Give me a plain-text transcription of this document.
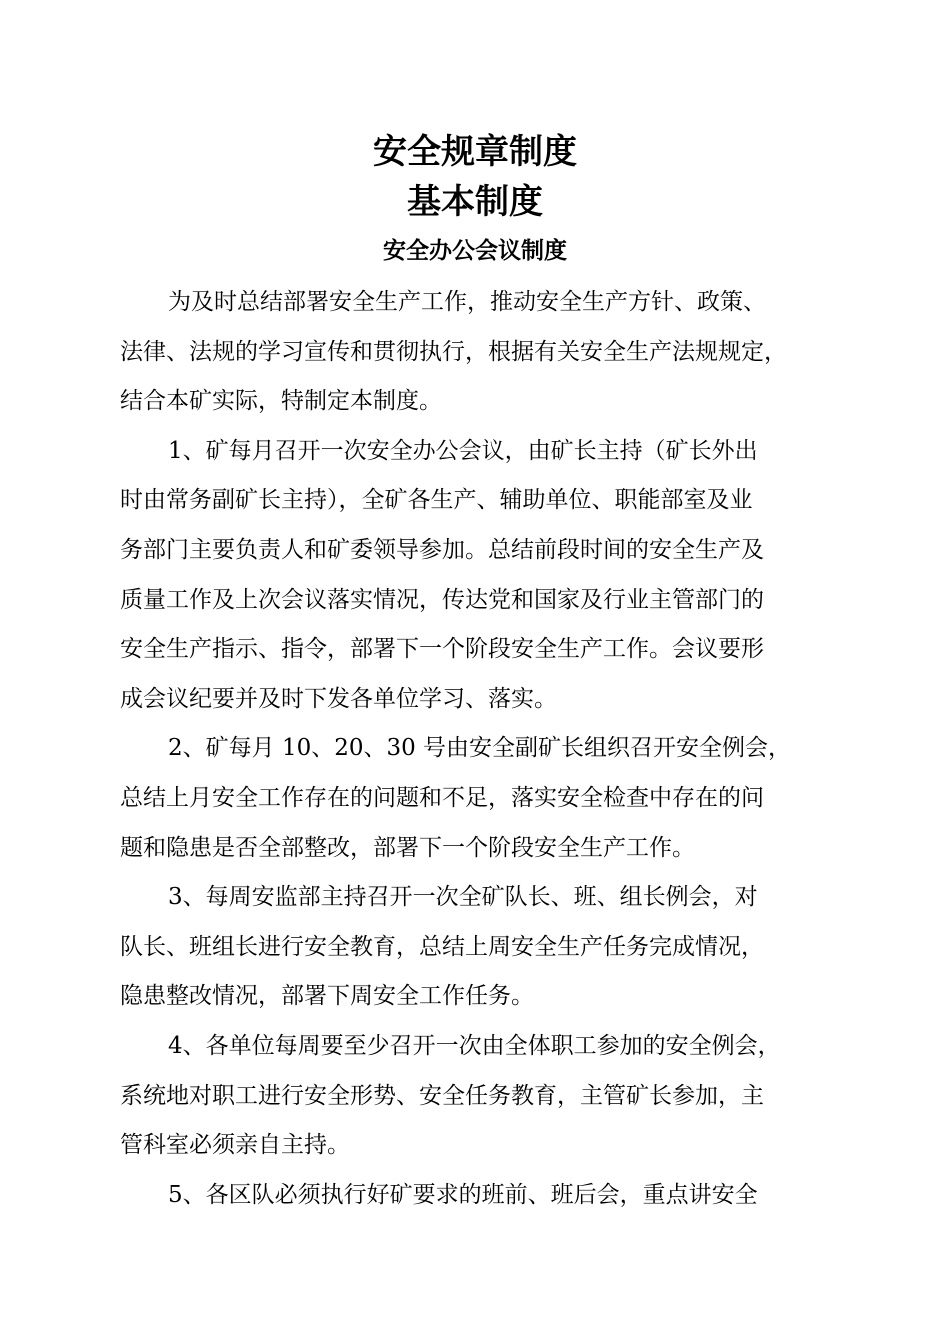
安全规章制度
基本制度
安全办公会议制度
为及时总结部署安全生产工作，推动安全生产方针、政策、
法律、法规的学习宣传和贯彻执行，根据有关安全生产法规规定，
结合本矿实际，特制定本制度。
1、矿每月召开一次安全办公会议，由矿长主持（矿长外出
时由常务副矿长主持），全矿各生产、辅助单位、职能部室及业
务部门主要负责人和矿委领导参加。总结前段时间的安全生产及
质量工作及上次会议落实情况，传达党和国家及行业主管部门的
安全生产指示、指令，部署下一个阶段安全生产工作。会议要形
成会议纪要并及时下发各单位学习、落实。
2、矿每月 10、20、30 号由安全副矿长组织召开安全例会，
总结上月安全工作存在的问题和不足，落实安全检查中存在的问
题和隐患是否全部整改，部署下一个阶段安全生产工作。
3、每周安监部主持召开一次全矿队长、班、组长例会，对
队长、班组长进行安全教育，总结上周安全生产任务完成情况，
隐患整改情况，部署下周安全工作任务。
4、各单位每周要至少召开一次由全体职工参加的安全例会，
系统地对职工进行安全形势、安全任务教育，主管矿长参加，主
管科室必须亲自主持。
5、各区队必须执行好矿要求的班前、班后会，重点讲安全
